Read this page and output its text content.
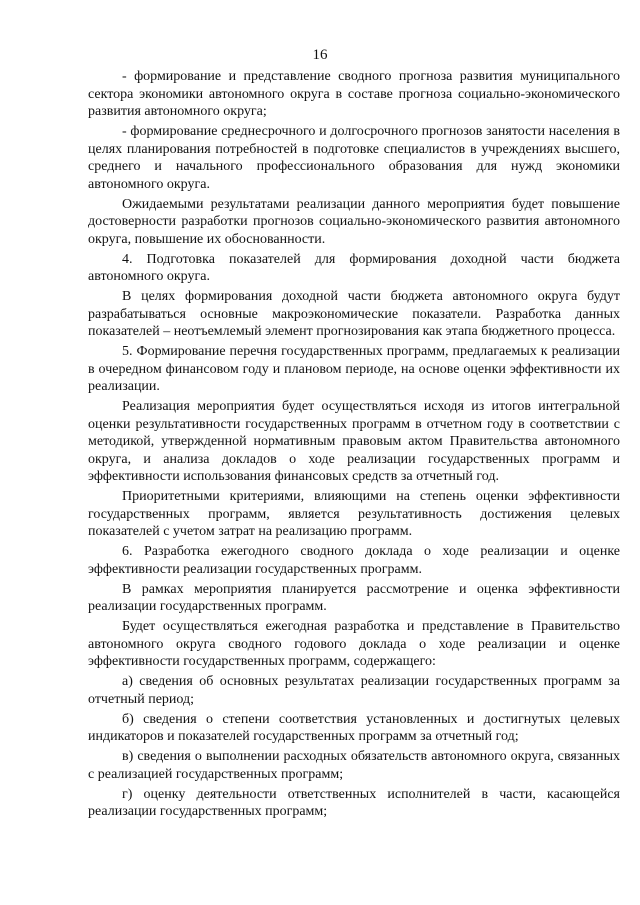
16

- формирование и представление сводного прогноза развития муниципального сектора экономики автономного округа в составе прогноза социально-экономического развития автономного округа;

- формирование среднесрочного и долгосрочного прогнозов занятости населения в целях планирования потребностей в подготовке специалистов в учреждениях высшего, среднего и начального профессионального образования для нужд экономики автономного округа.

Ожидаемыми результатами реализации данного мероприятия будет повышение достоверности разработки прогнозов социально-экономического развития автономного округа, повышение их обоснованности.

4. Подготовка показателей для формирования доходной части бюджета автономного округа.

В целях формирования доходной части бюджета автономного округа будут разрабатываться основные макроэкономические показатели. Разработка данных показателей – неотъемлемый элемент прогнозирования как этапа бюджетного процесса.

5. Формирование перечня государственных программ, предлагаемых к реализации в очередном финансовом году и плановом периоде, на основе оценки эффективности их реализации.

Реализация мероприятия будет осуществляться исходя из итогов интегральной оценки результативности государственных программ в отчетном году в соответствии с методикой, утвержденной нормативным правовым актом Правительства автономного округа, и анализа докладов о ходе реализации государственных программ и эффективности использования финансовых средств за отчетный год.

Приоритетными критериями, влияющими на степень оценки эффективности государственных программ, является результативность достижения целевых показателей с учетом затрат на реализацию программ.

6. Разработка ежегодного сводного доклада о ходе реализации и оценке эффективности реализации государственных программ.

В рамках мероприятия планируется рассмотрение и оценка эффективности реализации государственных программ.

Будет осуществляться ежегодная разработка и представление в Правительство автономного округа сводного годового доклада о ходе реализации и оценке эффективности государственных программ, содержащего:

а) сведения об основных результатах реализации государственных программ за отчетный период;

б) сведения о степени соответствия установленных и достигнутых целевых индикаторов и показателей государственных программ за отчетный год;

в) сведения о выполнении расходных обязательств автономного округа, связанных с реализацией государственных программ;

г) оценку деятельности ответственных исполнителей в части, касающейся реализации государственных программ;
